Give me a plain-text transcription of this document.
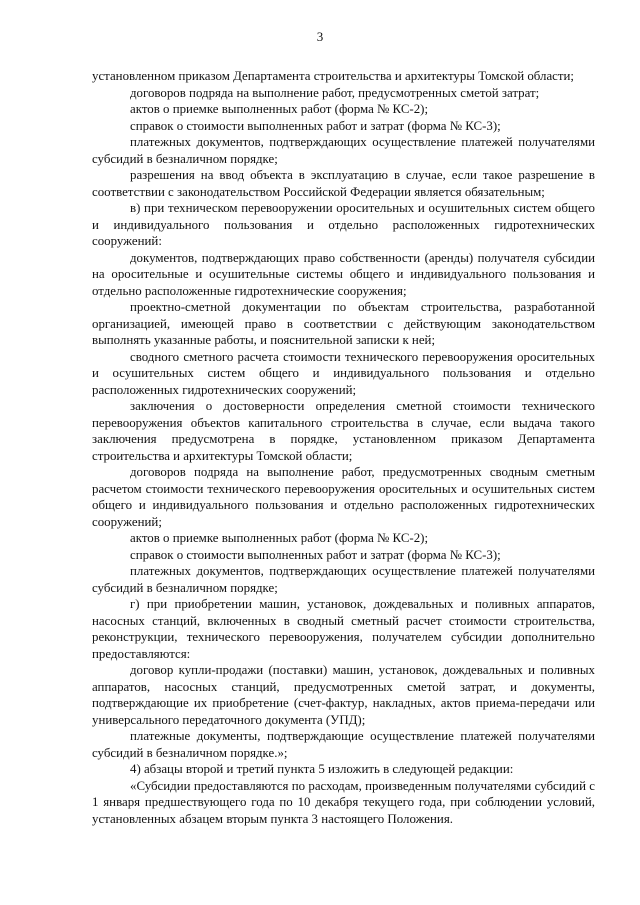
3

установленном приказом Департамента строительства и архитектуры Томской области;

договоров подряда на выполнение работ, предусмотренных сметой затрат;

актов о приемке выполненных работ (форма № КС-2);

справок о стоимости выполненных работ и затрат (форма № КС-3);

платежных документов, подтверждающих осуществление платежей получателями субсидий в безналичном порядке;

разрешения на ввод объекта в эксплуатацию в случае, если такое разрешение в соответствии с законодательством Российской Федерации является обязательным;

в) при техническом перевооружении оросительных и осушительных систем общего и индивидуального пользования и отдельно расположенных гидротехнических сооружений:

документов, подтверждающих право собственности (аренды) получателя субсидии на оросительные и осушительные системы общего и индивидуального пользования и отдельно расположенные гидротехнические сооружения;

проектно-сметной документации по объектам строительства, разработанной организацией, имеющей право в соответствии с действующим законодательством выполнять указанные работы, и пояснительной записки к ней;

сводного сметного расчета стоимости технического перевооружения оросительных и осушительных систем общего и индивидуального пользования и отдельно расположенных гидротехнических сооружений;

заключения о достоверности определения сметной стоимости технического перевооружения объектов капитального строительства в случае, если выдача такого заключения предусмотрена в порядке, установленном приказом Департамента строительства и архитектуры Томской области;

договоров подряда на выполнение работ, предусмотренных сводным сметным расчетом стоимости технического перевооружения оросительных и осушительных систем общего и индивидуального пользования и отдельно расположенных гидротехнических сооружений;

актов о приемке выполненных работ (форма № КС-2);

справок о стоимости выполненных работ и затрат (форма № КС-3);

платежных документов, подтверждающих осуществление платежей получателями субсидий в безналичном порядке;

г) при приобретении машин, установок, дождевальных и поливных аппаратов, насосных станций, включенных в сводный сметный расчет стоимости строительства, реконструкции, технического перевооружения, получателем субсидии дополнительно предоставляются:

договор купли-продажи (поставки) машин, установок, дождевальных и поливных аппаратов, насосных станций, предусмотренных сметой затрат, и документы, подтверждающие их приобретение (счет-фактур, накладных, актов приема-передачи или универсального передаточного документа (УПД);

платежные документы, подтверждающие осуществление платежей получателями субсидий в безналичном порядке.»;

4) абзацы второй и третий пункта 5 изложить в следующей редакции:

«Субсидии предоставляются по расходам, произведенным получателями субсидий с 1 января предшествующего года по 10 декабря текущего года, при соблюдении условий, установленных абзацем вторым пункта 3 настоящего Положения.
